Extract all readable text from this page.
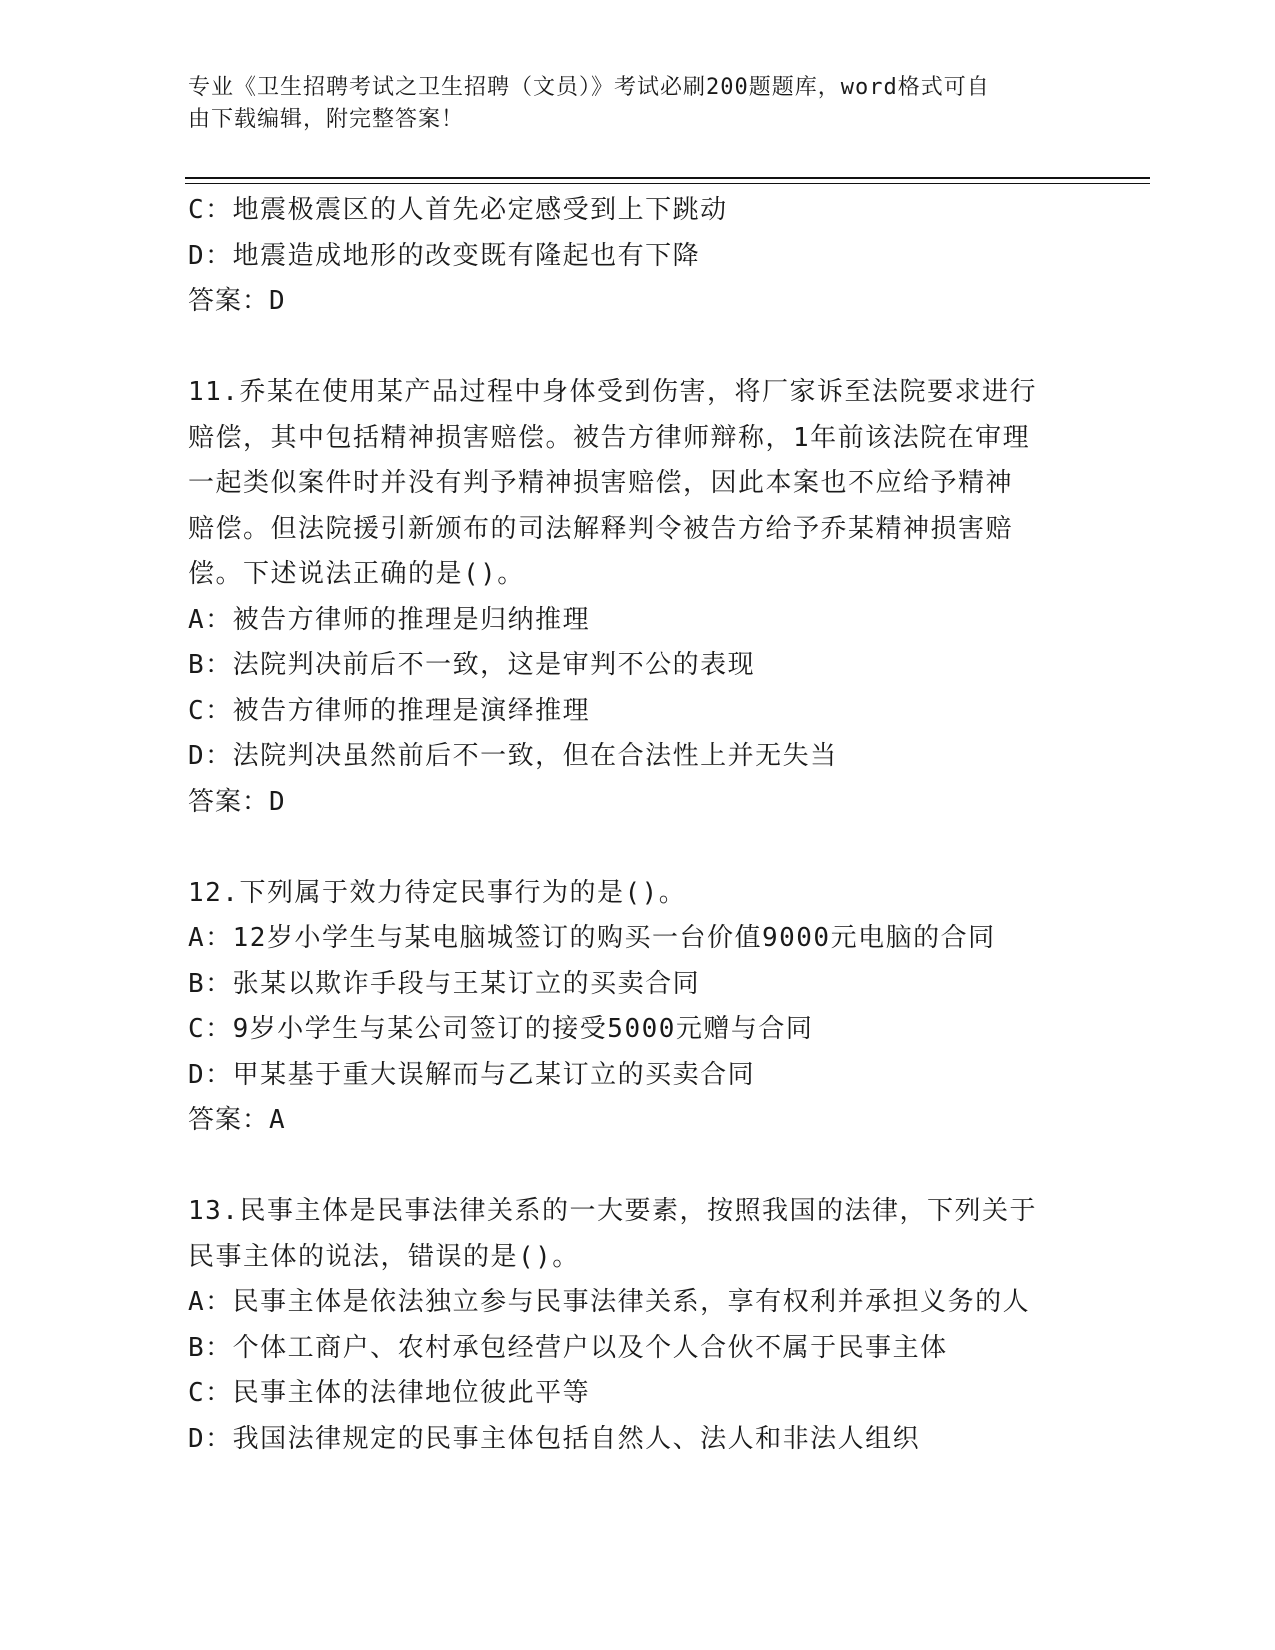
专业《卫生招聘考试之卫生招聘（文员）》考试必刷200题题库，word格式可自
由下载编辑，附完整答案！
C：地震极震区的人首先必定感受到上下跳动
D：地震造成地形的改变既有隆起也有下降
答案：D
11.乔某在使用某产品过程中身体受到伤害，将厂家诉至法院要求进行
赔偿，其中包括精神损害赔偿。被告方律师辩称，1年前该法院在审理
一起类似案件时并没有判予精神损害赔偿，因此本案也不应给予精神
赔偿。但法院援引新颁布的司法解释判令被告方给予乔某精神损害赔
偿。下述说法正确的是()。
A：被告方律师的推理是归纳推理
B：法院判决前后不一致，这是审判不公的表现
C：被告方律师的推理是演绎推理
D：法院判决虽然前后不一致，但在合法性上并无失当
答案：D
12.下列属于效力待定民事行为的是()。
A：12岁小学生与某电脑城签订的购买一台价值9000元电脑的合同
B：张某以欺诈手段与王某订立的买卖合同
C：9岁小学生与某公司签订的接受5000元赠与合同
D：甲某基于重大误解而与乙某订立的买卖合同
答案：A
13.民事主体是民事法律关系的一大要素，按照我国的法律，下列关于
民事主体的说法，错误的是()。
A：民事主体是依法独立参与民事法律关系，享有权利并承担义务的人
B：个体工商户、农村承包经营户以及个人合伙不属于民事主体
C：民事主体的法律地位彼此平等
D：我国法律规定的民事主体包括自然人、法人和非法人组织
